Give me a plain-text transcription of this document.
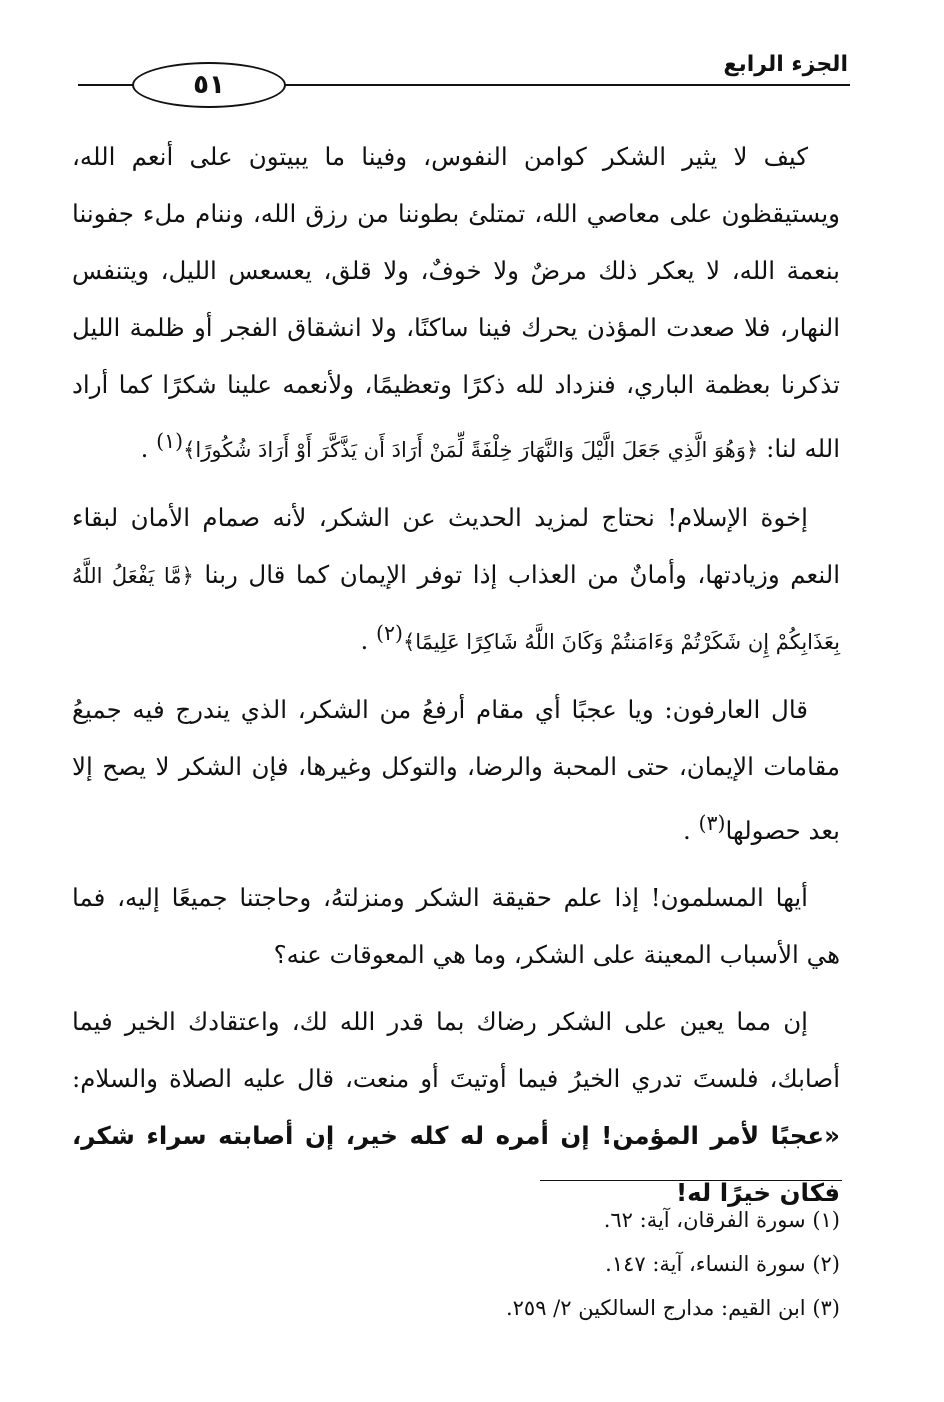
٥١
الجزء الرابع

كيف لا يثير الشكر كوامن النفوس، وفينا ما يبيتون على أنعم الله، ويستيقظون على معاصي الله، تمتلئ بطوننا من رزق الله، وننام ملء جفوننا بنعمة الله، لا يعكر ذلك مرضٌ ولا خوفٌ، ولا قلق، يعسعس الليل، ويتنفس النهار، فلا صعدت المؤذن يحرك فينا ساكنًا، ولا انشقاق الفجر أو ظلمة الليل تذكرنا بعظمة الباري، فنزداد لله ذكرًا وتعظيمًا، ولأنعمه علينا شكرًا كما أراد الله لنا: ﴿وَهُوَ الَّذِي جَعَلَ الَّيْلَ وَالنَّهَارَ خِلْفَةً لِّمَنْ أَرَادَ أَن يَذَّكَّرَ أَوْ أَرَادَ شُكُورًا﴾$^{(١)}$ .

إخوة الإسلام! نحتاج لمزيد الحديث عن الشكر، لأنه صمام الأمان لبقاء النعم وزيادتها، وأمانٌ من العذاب إذا توفر الإيمان كما قال ربنا ﴿مَّا يَفْعَلُ اللَّهُ بِعَذَابِكُمْ إِن شَكَرْتُمْ وَءَامَنتُمْ وَكَانَ اللَّهُ شَاكِرًا عَلِيمًا﴾$^{(٢)}$ .

قال العارفون: ويا عجبًا أي مقام أرفعُ من الشكر، الذي يندرج فيه جميعُ مقامات الإيمان، حتى المحبة والرضا، والتوكل وغيرها، فإن الشكر لا يصح إلا بعد حصولها$^{(٣)}$ .

أيها المسلمون! إذا علم حقيقة الشكر ومنزلتهُ، وحاجتنا جميعًا إليه، فما هي الأسباب المعينة على الشكر، وما هي المعوقات عنه؟

إن مما يعين على الشكر رضاك بما قدر الله لك، واعتقادك الخير فيما أصابك، فلستَ تدري الخيرُ فيما أوتيتَ أو منعت، قال عليه الصلاة والسلام: «عجبًا لأمر المؤمن! إن أمره له كله خير، إن أصابته سراء شكر، فكان خيرًا له!

(١) سورة الفرقان، آية: ٦٢.
(٢) سورة النساء، آية: ١٤٧.
(٣) ابن القيم: مدارج السالكين ٢/ ٢٥٩.
